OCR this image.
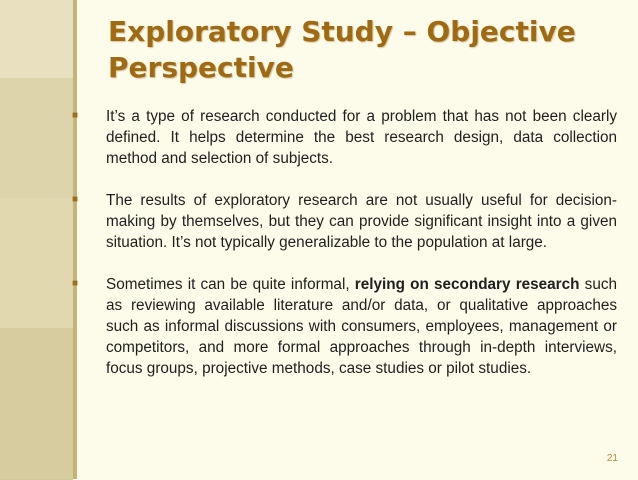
Exploratory Study – Objective Perspective
■ It’s a type of research conducted for a problem that has not been clearly defined. It helps determine the best research design, data collection method and selection of subjects.
■ The results of exploratory research are not usually useful for decision-making by themselves, but they can provide significant insight into a given situation. It’s not typically generalizable to the population at large.
■ Sometimes it can be quite informal, relying on secondary research such as reviewing available literature and/or data, or qualitative approaches such as informal discussions with consumers, employees, management or competitors, and more formal approaches through in-depth interviews, focus groups, projective methods, case studies or pilot studies.
21
